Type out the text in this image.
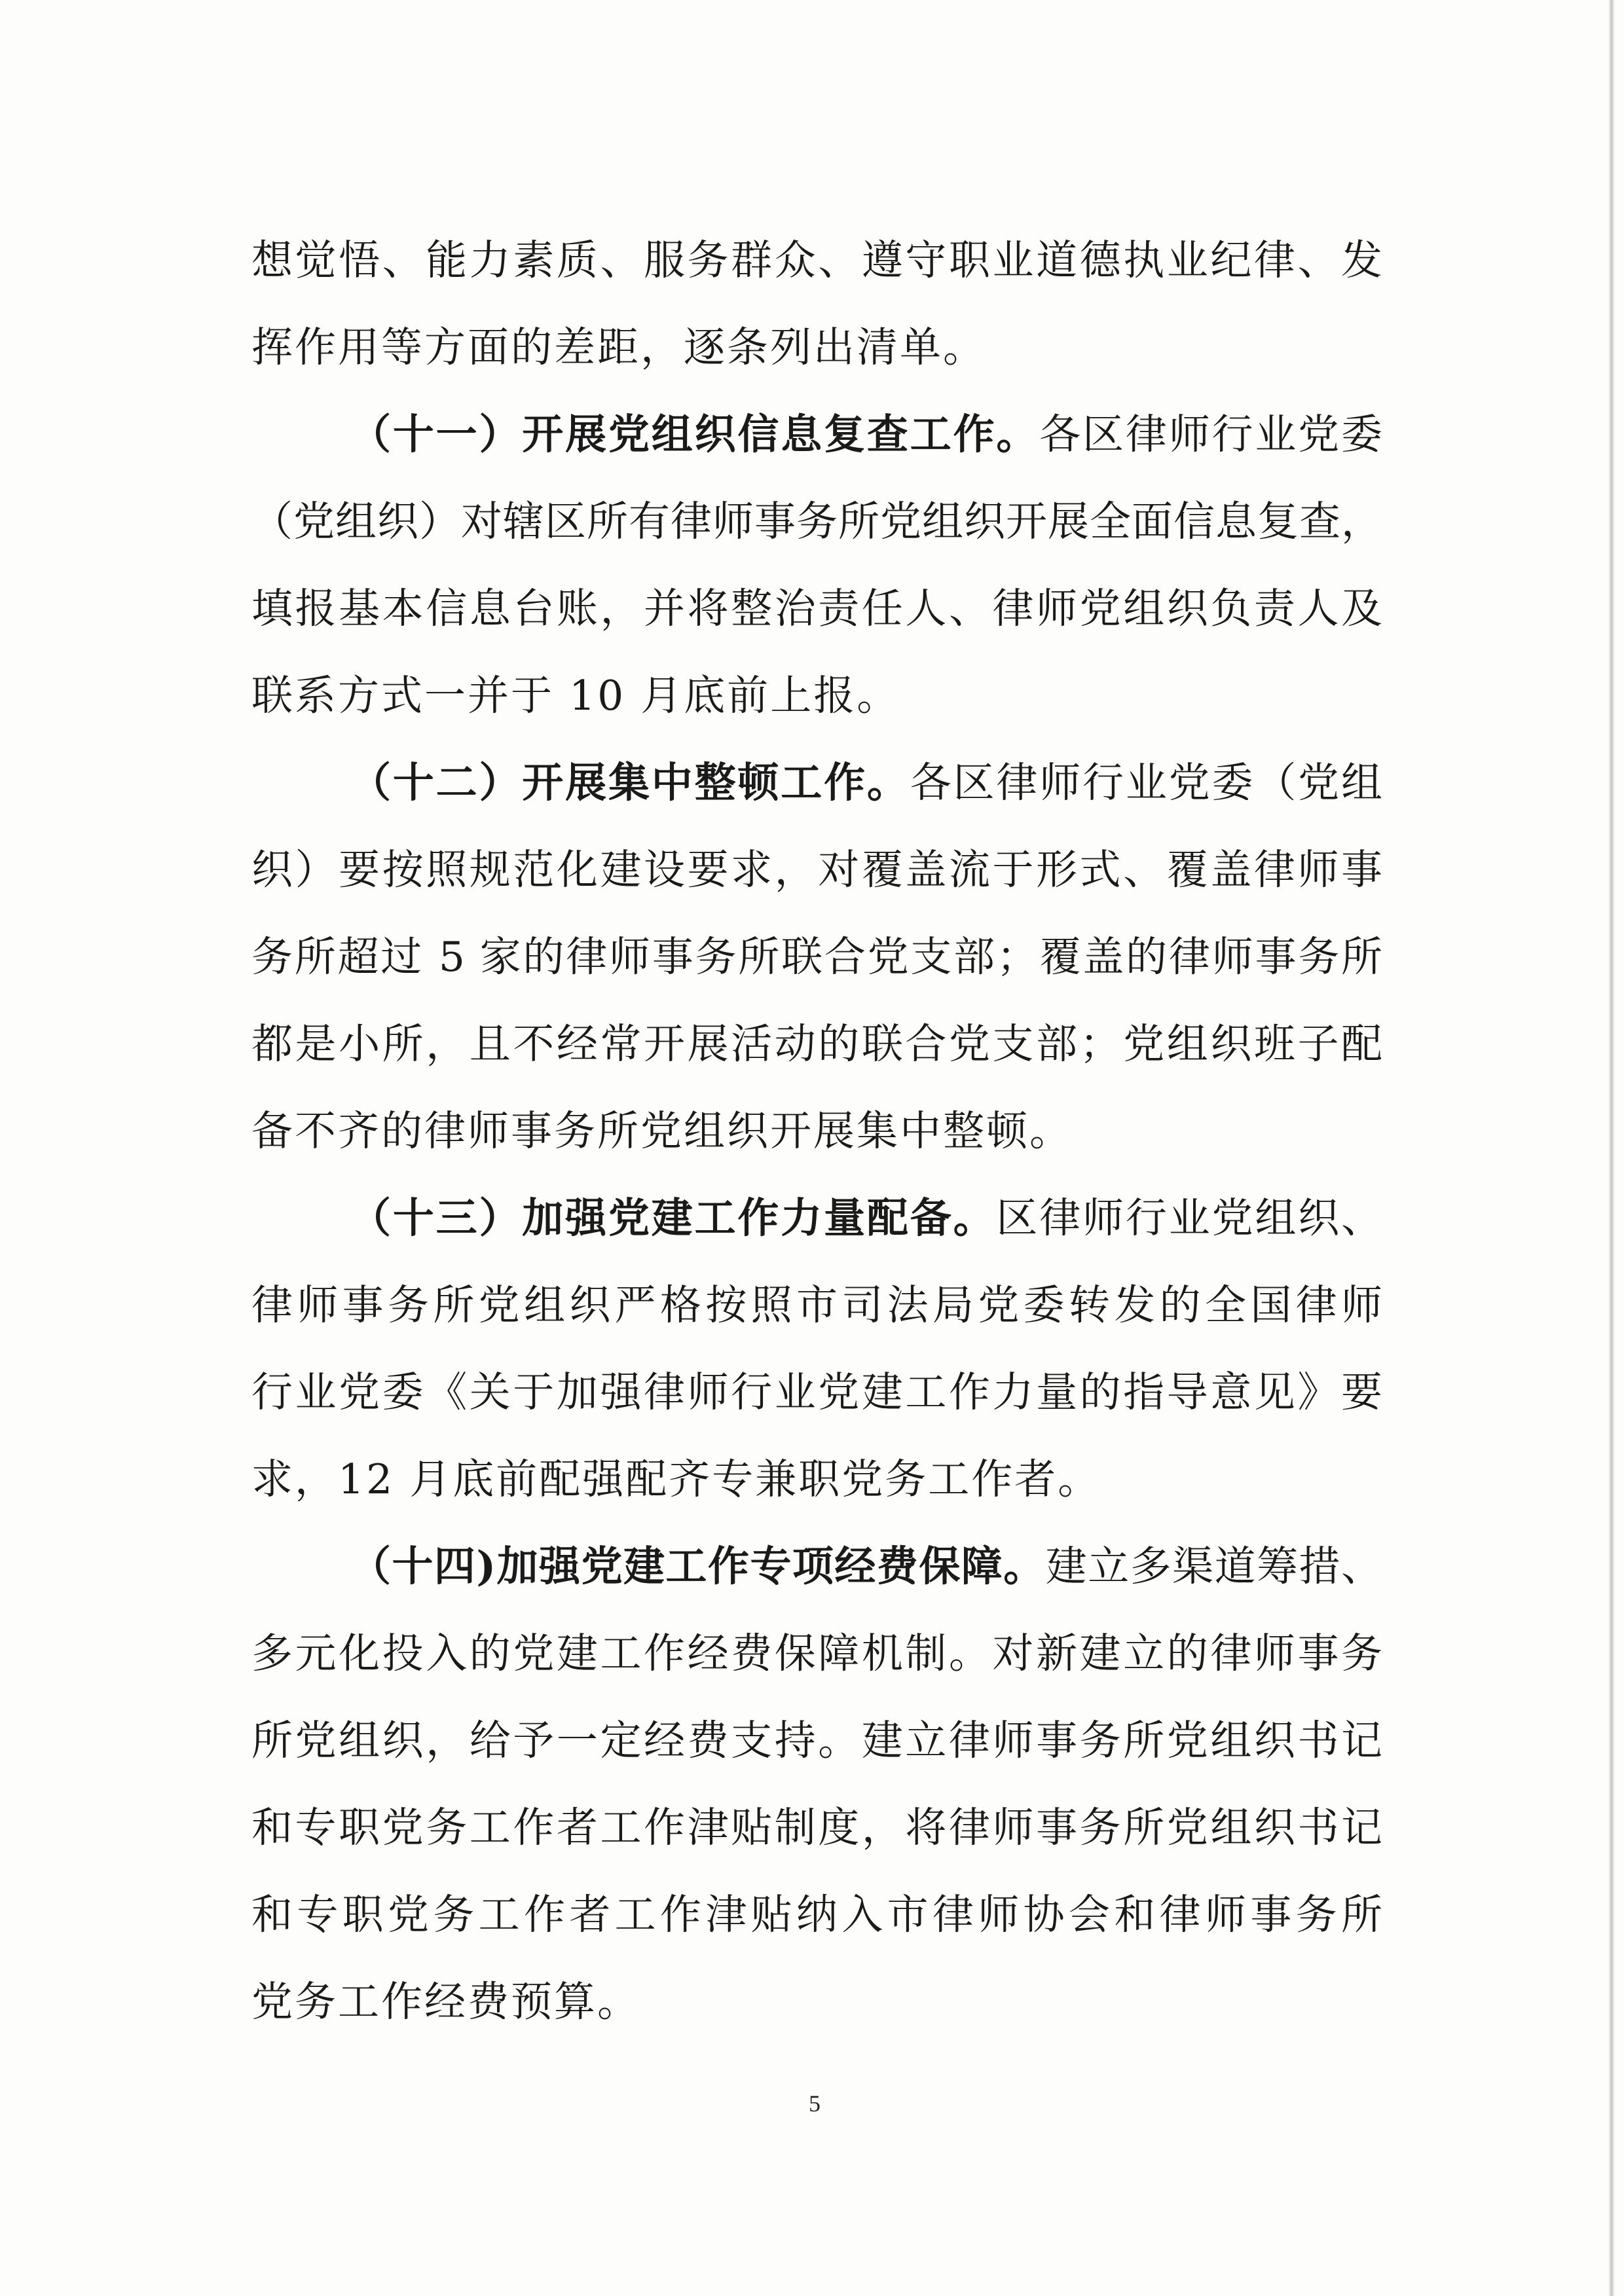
想觉悟、能力素质、服务群众、遵守职业道德执业纪律、发
挥作用等方面的差距，逐条列出清单。
（十一）开展党组织信息复查工作。各区律师行业党委
（党组织）对辖区所有律师事务所党组织开展全面信息复查，
填报基本信息台账，并将整治责任人、律师党组织负责人及
联系方式一并于 10 月底前上报。
（十二）开展集中整顿工作。各区律师行业党委（党组
织）要按照规范化建设要求，对覆盖流于形式、覆盖律师事
务所超过 5 家的律师事务所联合党支部；覆盖的律师事务所
都是小所，且不经常开展活动的联合党支部；党组织班子配
备不齐的律师事务所党组织开展集中整顿。
（十三）加强党建工作力量配备。区律师行业党组织、
律师事务所党组织严格按照市司法局党委转发的全国律师
行业党委《关于加强律师行业党建工作力量的指导意见》要
求，12 月底前配强配齐专兼职党务工作者。
（十四)加强党建工作专项经费保障。建立多渠道筹措、
多元化投入的党建工作经费保障机制。对新建立的律师事务
所党组织，给予一定经费支持。建立律师事务所党组织书记
和专职党务工作者工作津贴制度，将律师事务所党组织书记
和专职党务工作者工作津贴纳入市律师协会和律师事务所
党务工作经费预算。
5
